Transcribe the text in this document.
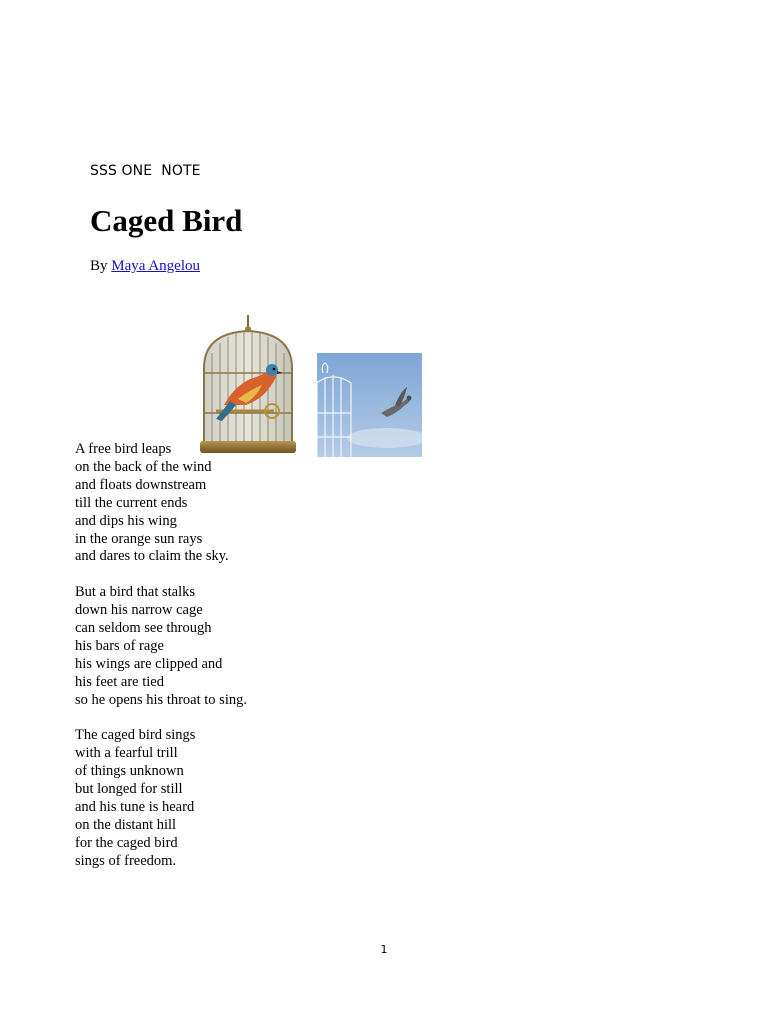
SSS ONE  NOTE
Caged Bird
By Maya Angelou
A free bird leaps
on the back of the wind
and floats downstream
till the current ends
and dips his wing
in the orange sun rays
and dares to claim the sky.
But a bird that stalks
down his narrow cage
can seldom see through
his bars of rage
his wings are clipped and
his feet are tied
so he opens his throat to sing.
The caged bird sings
with a fearful trill
of things unknown
but longed for still
and his tune is heard
on the distant hill
for the caged bird
sings of freedom.
1
